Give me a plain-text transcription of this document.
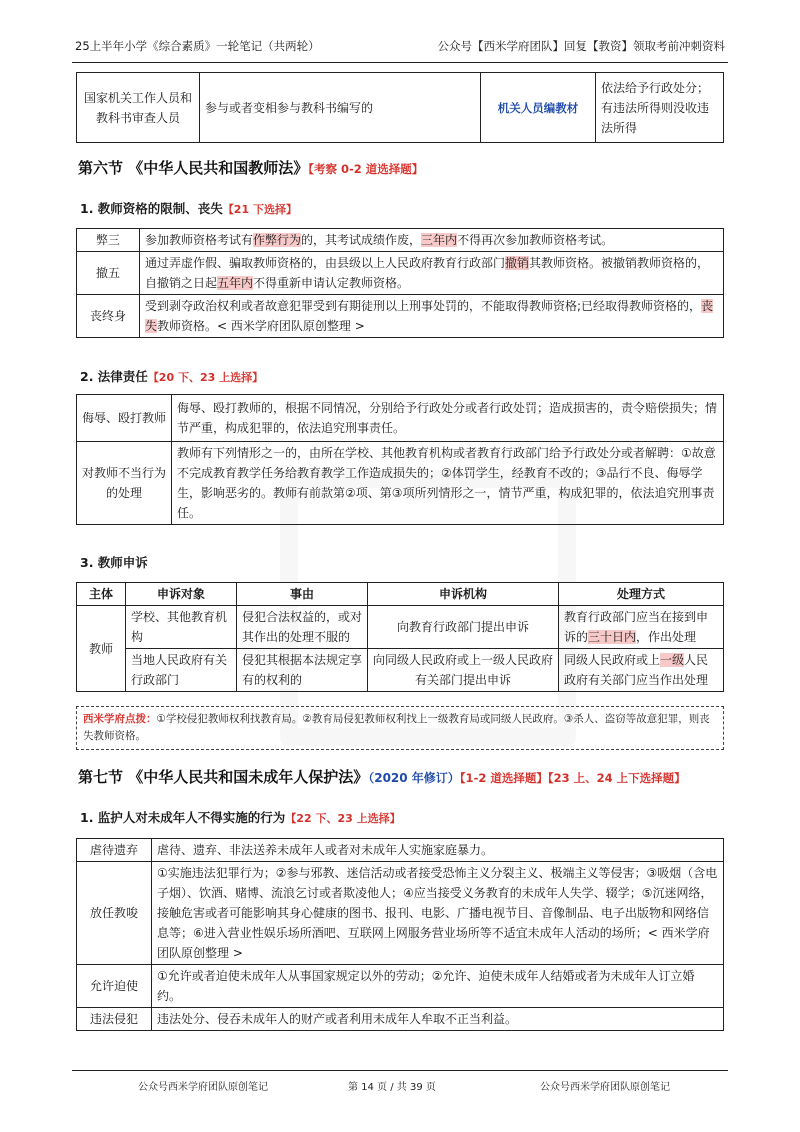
25上半年小学《综合素质》一轮笔记（共两轮）	公众号【西米学府团队】回复【教资】领取考前冲刺资料
国家机关工作人员和教科书审查人员	参与或者变相参与教科书编写的	机关人员编教材	依法给予行政处分；有违法所得则没收违法所得
第六节 《中华人民共和国教师法》【考察 0-2 道选择题】
1. 教师资格的限制、丧失【21 下选择】
弊三	参加教师资格考试有作弊行为的，其考试成绩作废，三年内不得再次参加教师资格考试。
撤五	通过弄虚作假、骗取教师资格的，由县级以上人民政府教育行政部门撤销其教师资格。被撤销教师资格的，自撤销之日起五年内不得重新申请认定教师资格。
丧终身	受到剥夺政治权利或者故意犯罪受到有期徒刑以上刑事处罚的，不能取得教师资格;已经取得教师资格的，丧失教师资格。< 西米学府团队原创整理 >
2. 法律责任【20 下、23 上选择】
侮辱、殴打教师	侮辱、殴打教师的，根据不同情况，分别给予行政处分或者行政处罚；造成损害的，责令赔偿损失；情节严重，构成犯罪的，依法追究刑事责任。
对教师不当行为的处理	教师有下列情形之一的，由所在学校、其他教育机构或者教育行政部门给予行政处分或者解聘：①故意不完成教育教学任务给教育教学工作造成损失的；②体罚学生，经教育不改的；③品行不良、侮辱学生，影响恶劣的。教师有前款第②项、第③项所列情形之一，情节严重，构成犯罪的，依法追究刑事责任。
3. 教师申诉
主体	申诉对象	事由	申诉机构	处理方式
教师	学校、其他教育机构	侵犯合法权益的，或对其作出的处理不服的	向教育行政部门提出申诉	教育行政部门应当在接到申诉的三十日内，作出处理
	当地人民政府有关行政部门	侵犯其根据本法规定享有的权利的	向同级人民政府或上一级人民政府有关部门提出申诉	同级人民政府或上一级人民政府有关部门应当作出处理
西米学府点拨：①学校侵犯教师权利找教育局。②教育局侵犯教师权利找上一级教育局或同级人民政府。③杀人、盗窃等故意犯罪，则丧失教师资格。
第七节 《中华人民共和国未成年人保护法》（2020 年修订）【1-2 道选择题】【23 上、24 上下选择题】
1. 监护人对未成年人不得实施的行为【22 下、23 上选择】
虐待遗弃	虐待、遗弃、非法送养未成年人或者对未成年人实施家庭暴力。
放任教唆	①实施违法犯罪行为；②参与邪教、迷信活动或者接受恐怖主义分裂主义、极端主义等侵害；③吸烟（含电子烟）、饮酒、赌博、流浪乞讨或者欺凌他人；④应当接受义务教育的未成年人失学、辍学；⑤沉迷网络，接触危害或者可能影响其身心健康的图书、报刊、电影、广播电视节目、音像制品、电子出版物和网络信息等；⑥进入营业性娱乐场所酒吧、互联网上网服务营业场所等不适宜未成年人活动的场所；< 西米学府团队原创整理 >
允许迫使	①允许或者迫使未成年人从事国家规定以外的劳动；②允许、迫使未成年人结婚或者为未成年人订立婚约。
违法侵犯	违法处分、侵吞未成年人的财产或者利用未成年人牟取不正当利益。
公众号西米学府团队原创笔记	第 14 页 / 共 39 页	公众号西米学府团队原创笔记
